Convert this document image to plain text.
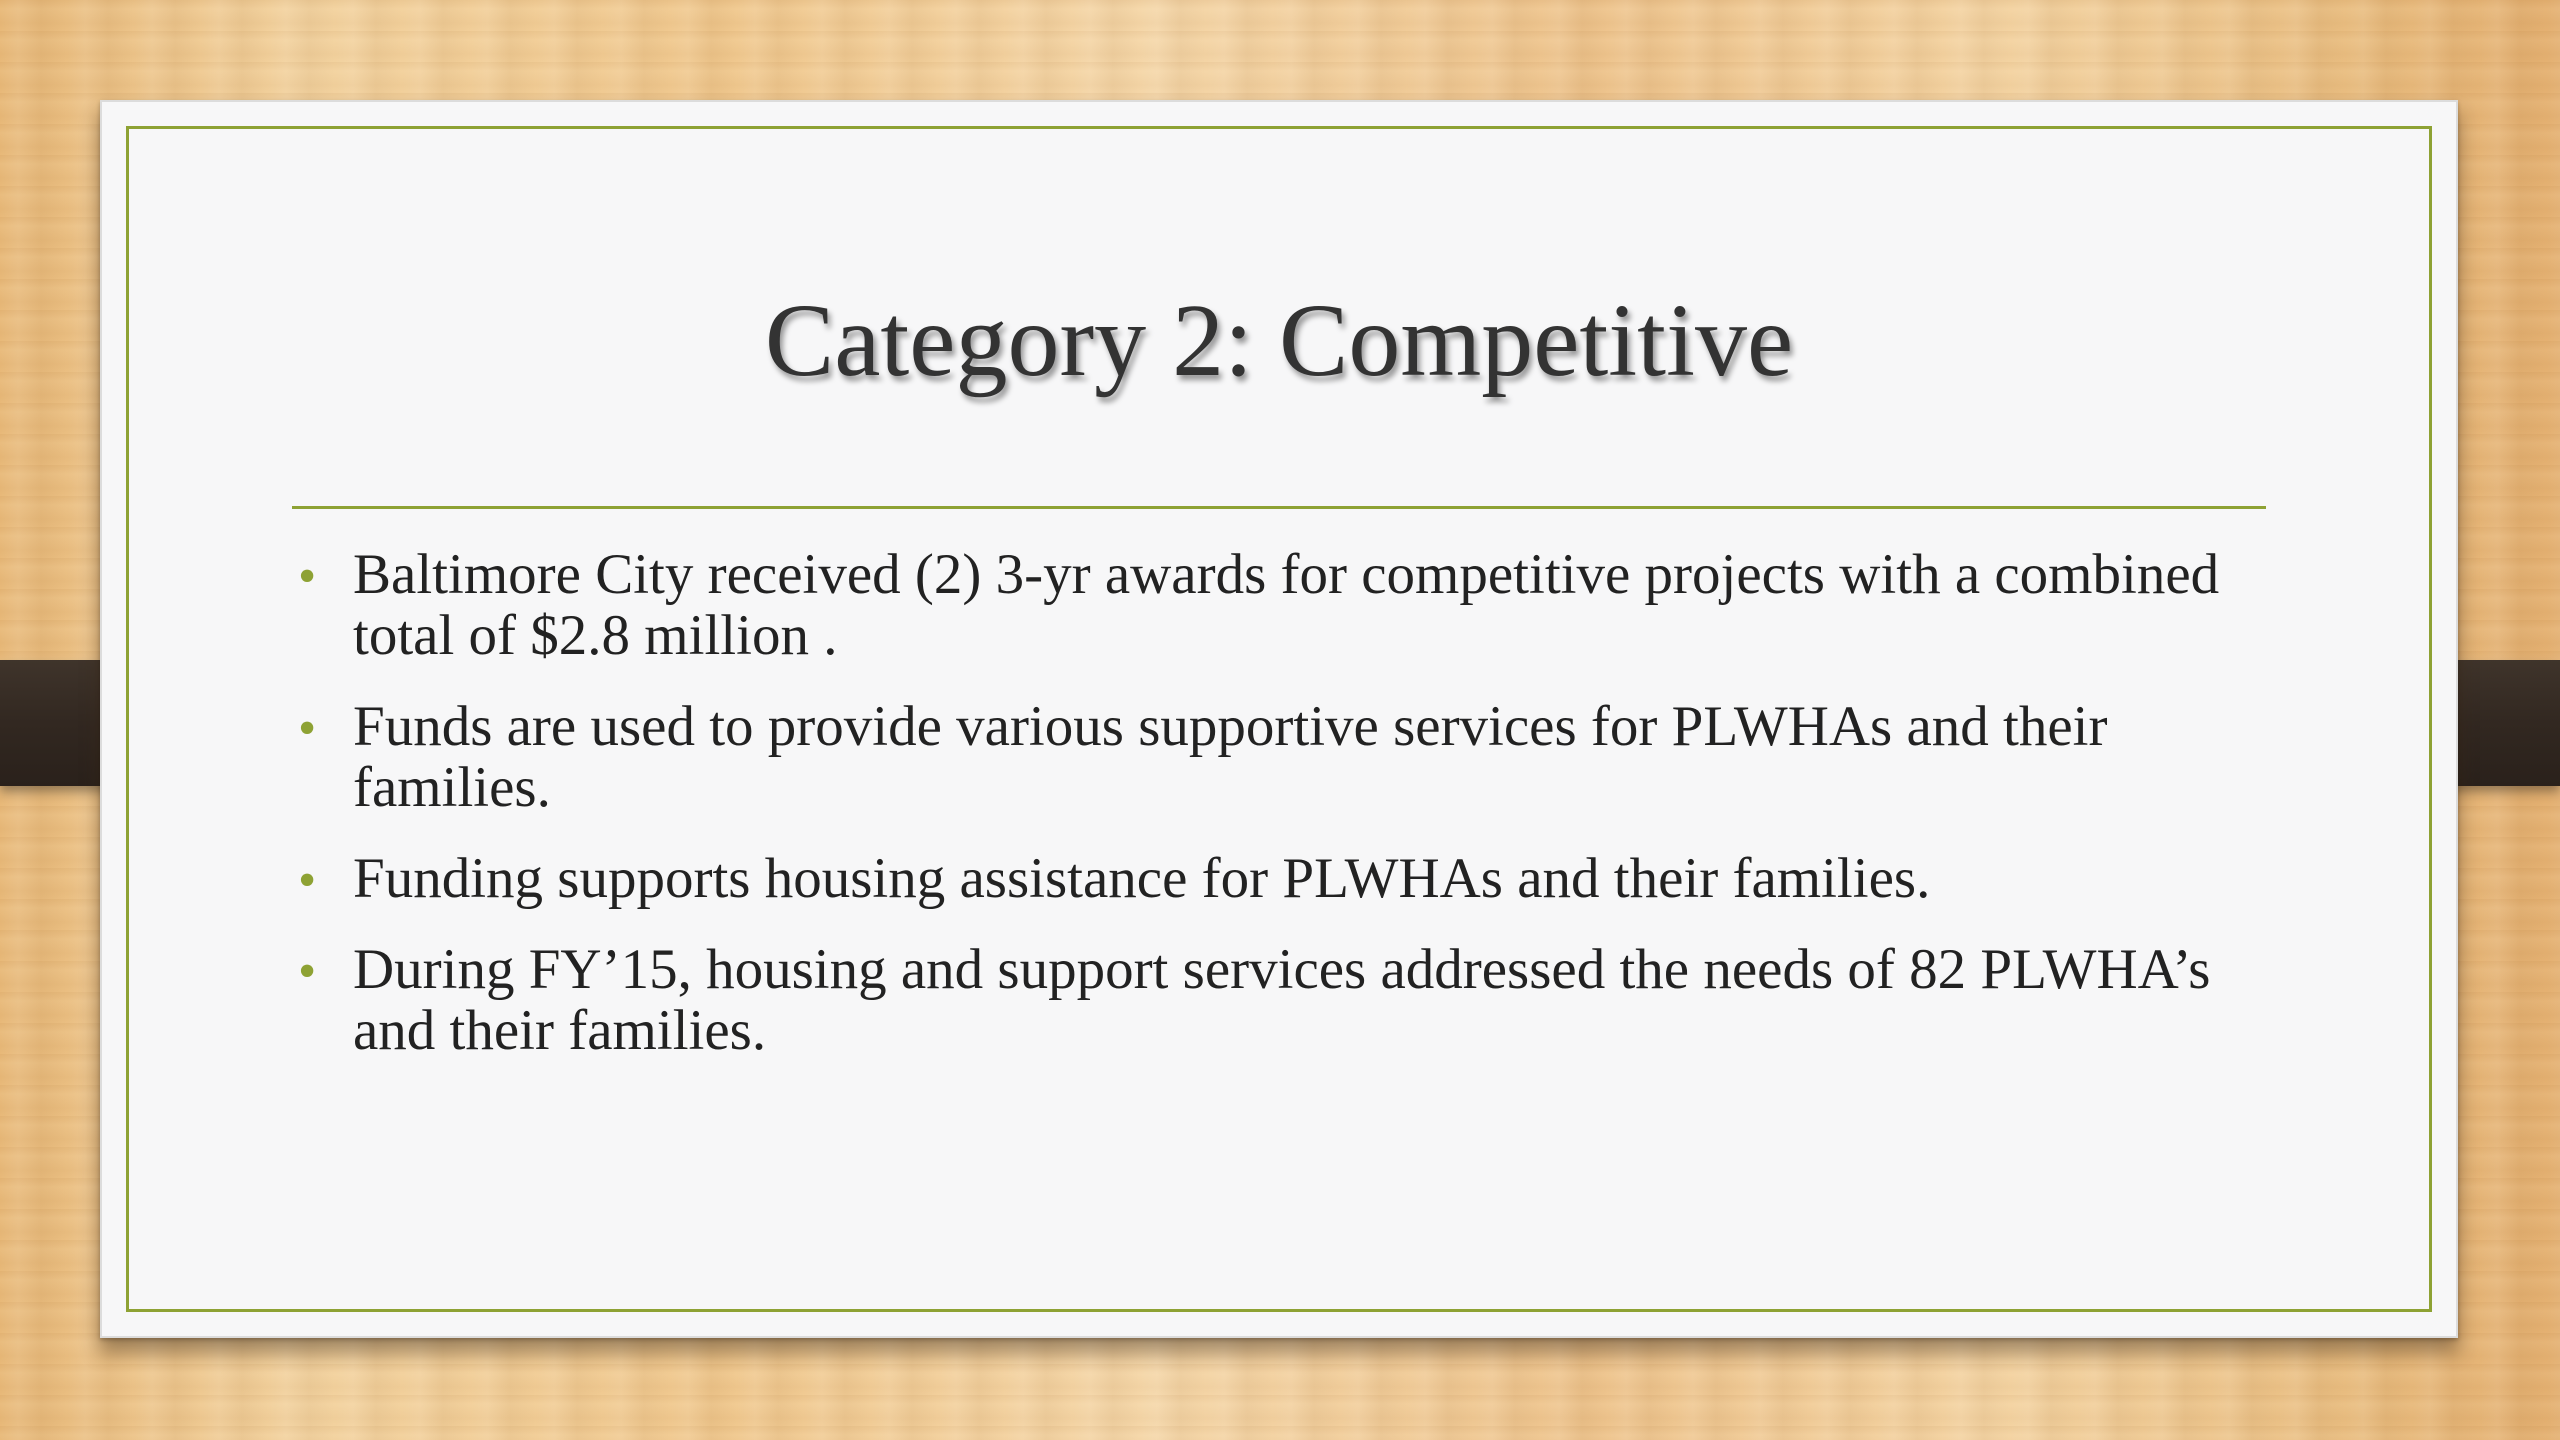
Category 2: Competitive
• Baltimore City received (2) 3-yr awards for competitive projects with a combined total of $2.8 million .
• Funds are used to provide various supportive services for PLWHAs and their families.
• Funding supports housing assistance for PLWHAs and their families.
• During FY’15, housing and support services addressed the needs of 82 PLWHA’s and their families.
